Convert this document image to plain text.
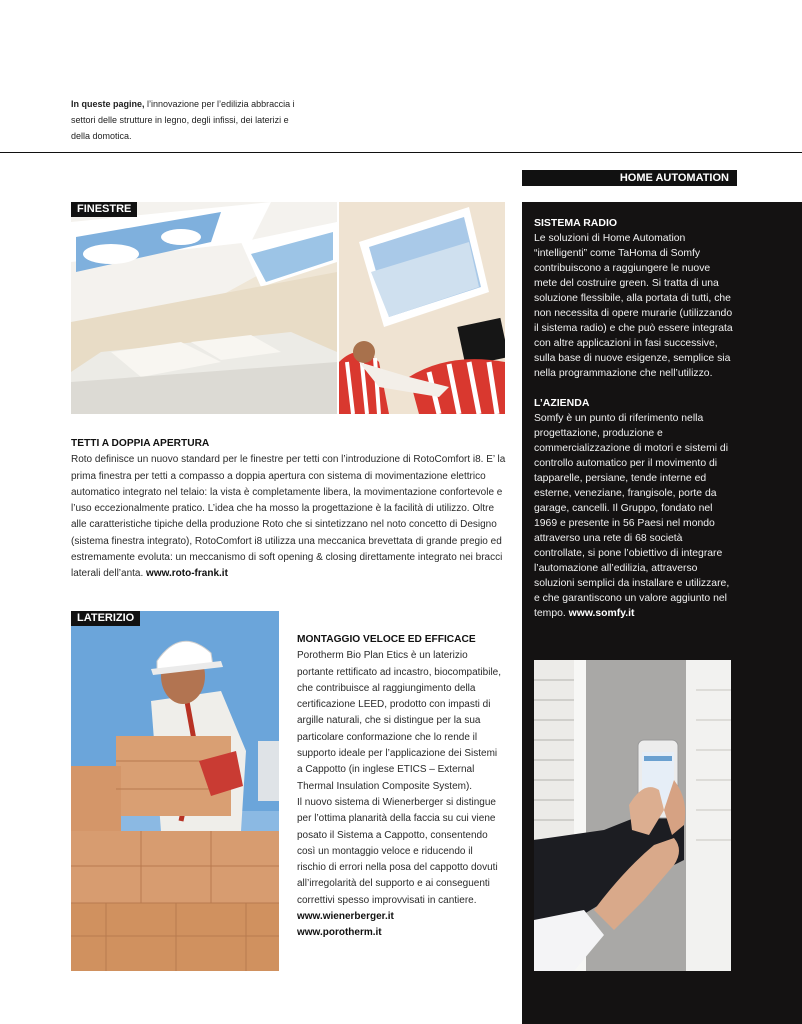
In queste pagine, l’innovazione per l’edilizia abbraccia i settori delle strutture in legno, degli infissi, dei laterizi e della domotica.
HOME AUTOMATION
SISTEMA RADIO

Le soluzioni di Home Automation “intelligenti” come TaHoma di Somfy contribuiscono a raggiungere le nuove mete del costruire green. Si tratta di una soluzione flessibile, alla portata di tutti, che non necessita di opere murarie (utilizzando il sistema radio) e che può essere integrata con altre applicazioni in fasi successive, sulla base di nuove esigenze, semplice sia nella programmazione che nell’utilizzo.

L’AZIENDA

Somfy è un punto di riferimento nella progettazione, produzione e commercializzazione di motori e sistemi di controllo automatico per il movimento di tapparelle, persiane, tende interne ed esterne, veneziane, frangisole, porte da garage, cancelli. Il Gruppo, fondato nel 1969 e presente in 56 Paesi nel mondo attraverso una rete di 68 società controllate, si pone l’obiettivo di integrare l’automazione all’edilizia, attraverso soluzioni semplici da installare e utilizzare, e che garantiscono un valore aggiunto nel tempo. www.somfy.it

FINESTRE
TETTI A DOPPIA APERTURA

Roto definisce un nuovo standard per le finestre per tetti con l’introduzione di RotoComfort i8. E’ la prima finestra per tetti a compasso a doppia apertura con sistema di movimentazione elettrico automatico integrato nel telaio: la vista è completamente libera, la movimentazione confortevole e l’uso eccezionalmente pratico. L’idea che ha mosso la progettazione è la facilità di utilizzo. Oltre alle caratteristiche tipiche della produzione Roto che si sintetizzano nel noto concetto di Designo (sistema finestra integrato), RotoComfort i8 utilizza una meccanica brevettata di grande pregio ed estremamente evoluta: un meccanismo di soft opening & closing direttamente integrato nei bracci laterali dell’anta. www.roto-frank.it

LATERIZIO
MONTAGGIO VELOCE ED EFFICACE

Porotherm Bio Plan Etics è un laterizio portante rettificato ad incastro, biocompatibile, che contribuisce al raggiungimento della certificazione LEED, prodotto con impasti di argille naturali, che si distingue per la sua particolare conformazione che lo rende il supporto ideale per l’applicazione dei Sistemi a Cappotto (in inglese ETICS – External Thermal Insulation Composite System).

Il nuovo sistema di Wienerberger si distingue per l’ottima planarità della faccia su cui viene posato il Sistema a Cappotto, consentendo così un montaggio veloce e riducendo il rischio di errori nella posa del cappotto dovuti all’irregolarità del supporto e ai conseguenti correttivi spesso improvvisati in cantiere.

www.wienerberger.it

www.porotherm.it
